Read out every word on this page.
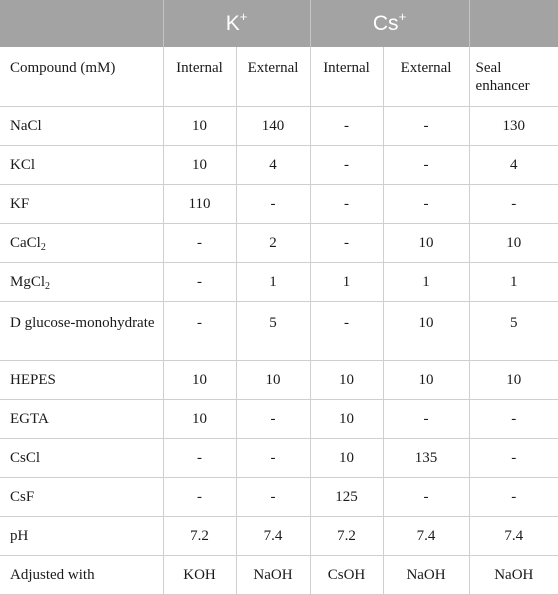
	K+		Cs+	
Compound (mM)	Internal	External	Internal	External	Seal enhancer
NaCl	10	140	-	-	130
KCl	10	4	-	-	4
KF	110	-	-	-	-
CaCl$_2$	-	2	-	10	10
MgCl$_2$	-	1	1	1	1
D glucose-monohydrate	-	5	-	10	5
HEPES	10	10	10	10	10
EGTA	10	-	10	-	-
CsCl	-	-	10	135	-
CsF	-	-	125	-	-
pH	7.2	7.4	7.2	7.4	7.4
Adjusted with	KOH	NaOH	CsOH	NaOH	NaOH
